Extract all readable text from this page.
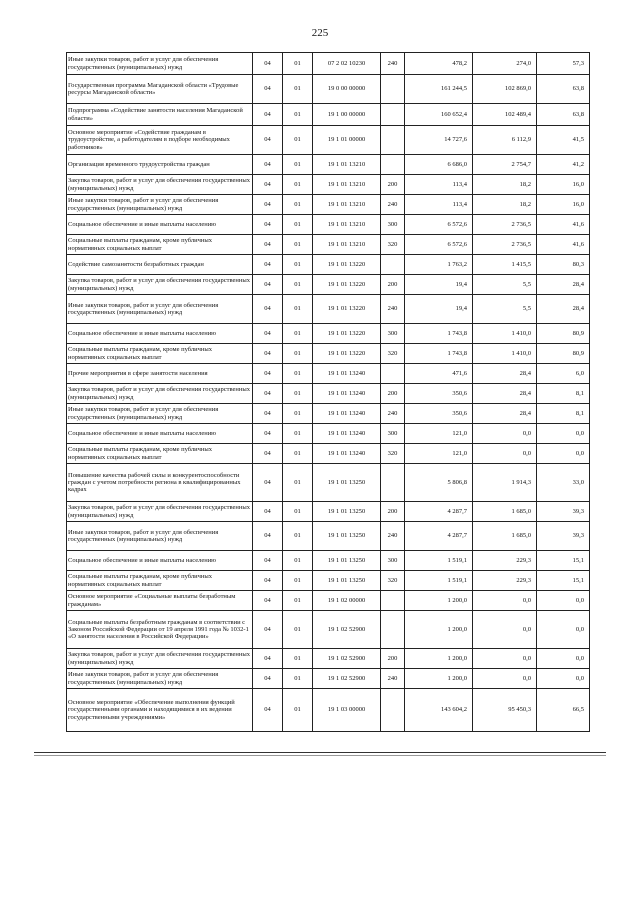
225
Иные закупки товаров, работ и услуг для обеспечения государственных (муниципальных) нужд	04	01	07 2 02 10230	240	478,2	274,0	57,3
Государственная программа Магаданской области «Трудовые ресурсы Магаданской области»	04	01	19 0 00 00000		161 244,5	102 869,0	63,8
Подпрограмма «Содействие занятости населения Магаданской области»	04	01	19 1 00 00000		160 652,4	102 489,4	63,8
Основное мероприятие «Содействие гражданам в трудоустройстве, а работодателям в подборе необходимых работников»	04	01	19 1 01 00000		14 727,6	6 112,9	41,5
Организация временного трудоустройства граждан	04	01	19 1 01 13210		6 686,0	2 754,7	41,2
Закупка товаров, работ и услуг для обеспечения государственных (муниципальных) нужд	04	01	19 1 01 13210	200	113,4	18,2	16,0
Иные закупки товаров, работ и услуг для обеспечения государственных (муниципальных) нужд	04	01	19 1 01 13210	240	113,4	18,2	16,0
Социальное обеспечение и иные выплаты населению	04	01	19 1 01 13210	300	6 572,6	2 736,5	41,6
Социальные выплаты гражданам, кроме публичных нормативных социальных выплат	04	01	19 1 01 13210	320	6 572,6	2 736,5	41,6
Содействие самозанятости безработных граждан	04	01	19 1 01 13220		1 763,2	1 415,5	80,3
Закупка товаров, работ и услуг для обеспечения государственных (муниципальных) нужд	04	01	19 1 01 13220	200	19,4	5,5	28,4
Иные закупки товаров, работ и услуг для обеспечения государственных (муниципальных) нужд	04	01	19 1 01 13220	240	19,4	5,5	28,4
Социальное обеспечение и иные выплаты населению	04	01	19 1 01 13220	300	1 743,8	1 410,0	80,9
Социальные выплаты гражданам, кроме публичных нормативных социальных выплат	04	01	19 1 01 13220	320	1 743,8	1 410,0	80,9
Прочие мероприятия в сфере занятости населения	04	01	19 1 01 13240		471,6	28,4	6,0
Закупка товаров, работ и услуг для обеспечения государственных (муниципальных) нужд	04	01	19 1 01 13240	200	350,6	28,4	8,1
Иные закупки товаров, работ и услуг для обеспечения государственных (муниципальных) нужд	04	01	19 1 01 13240	240	350,6	28,4	8,1
Социальное обеспечение и иные выплаты населению	04	01	19 1 01 13240	300	121,0	0,0	0,0
Социальные выплаты гражданам, кроме публичных нормативных социальных выплат	04	01	19 1 01 13240	320	121,0	0,0	0,0
Повышение качества рабочей силы и конкурентоспособности граждан с учетом потребности региона в квалифицированных кадрах	04	01	19 1 01 13250		5 806,8	1 914,3	33,0
Закупка товаров, работ и услуг для обеспечения государственных (муниципальных) нужд	04	01	19 1 01 13250	200	4 287,7	1 685,0	39,3
Иные закупки товаров, работ и услуг для обеспечения государственных (муниципальных) нужд	04	01	19 1 01 13250	240	4 287,7	1 685,0	39,3
Социальное обеспечение и иные выплаты населению	04	01	19 1 01 13250	300	1 519,1	229,3	15,1
Социальные выплаты гражданам, кроме публичных нормативных социальных выплат	04	01	19 1 01 13250	320	1 519,1	229,3	15,1
Основное мероприятие «Социальные выплаты безработным гражданам»	04	01	19 1 02 00000		1 200,0	0,0	0,0
Социальные выплаты безработным гражданам в соответствии с Законом Российской Федерации от 19 апреля 1991 года № 1032-1 «О занятости населения в Российской Федерации»	04	01	19 1 02 52900		1 200,0	0,0	0,0
Закупка товаров, работ и услуг для обеспечения государственных (муниципальных) нужд	04	01	19 1 02 52900	200	1 200,0	0,0	0,0
Иные закупки товаров, работ и услуг для обеспечения государственных (муниципальных) нужд	04	01	19 1 02 52900	240	1 200,0	0,0	0,0
Основное мероприятие «Обеспечение выполнения функций государственными органами и находящимися в их ведении государственными учреждениями»	04	01	19 1 03 00000		143 604,2	95 450,3	66,5
